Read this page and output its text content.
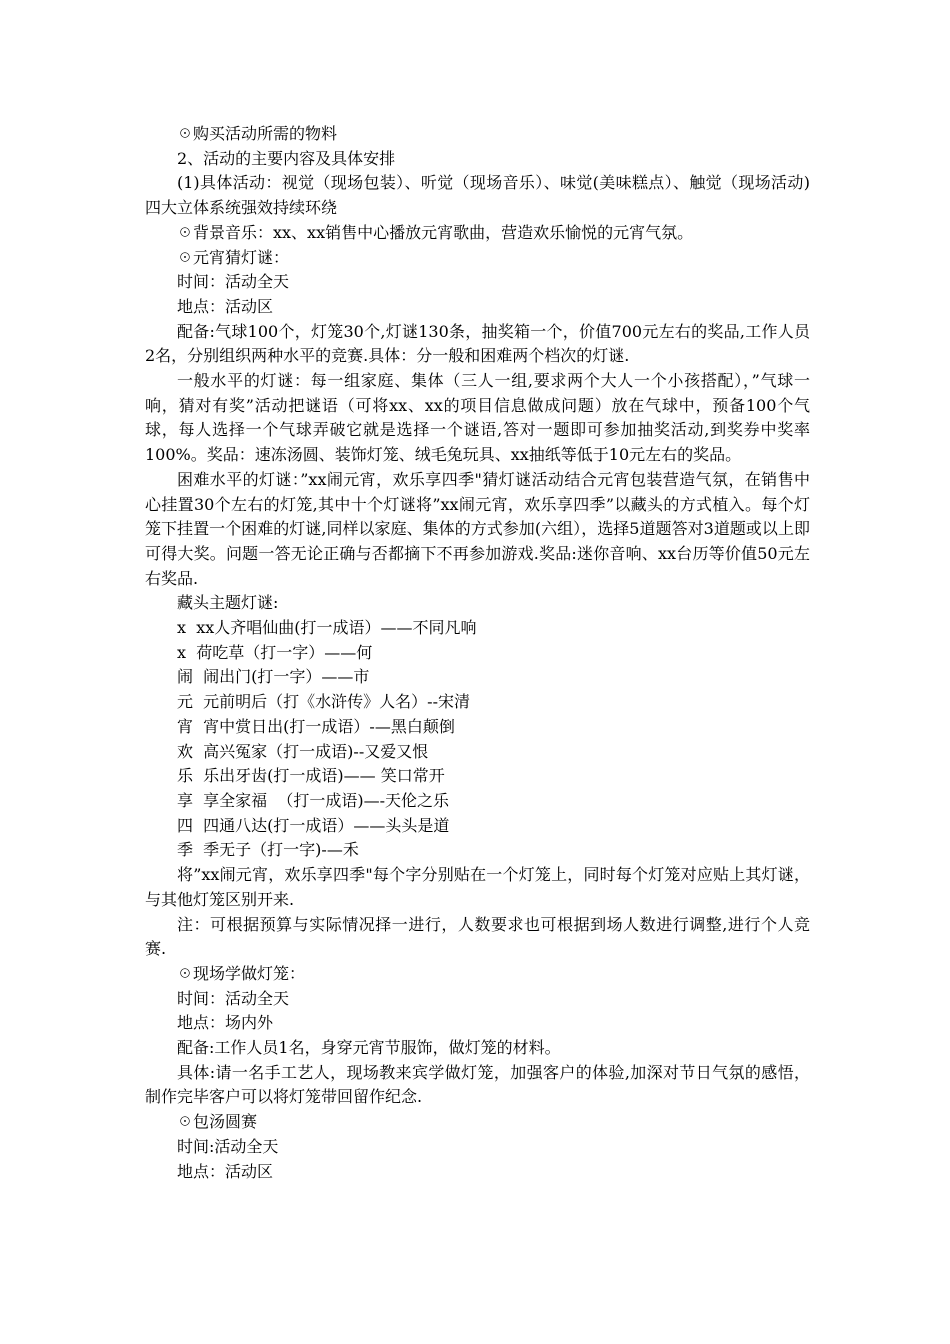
☉购买活动所需的物料

2、活动的主要内容及具体安排

(1)具体活动：视觉（现场包装）、听觉（现场音乐）、味觉(美味糕点）、触觉（现场活动)四大立体系统强效持续环绕

☉背景音乐：xx、xx销售中心播放元宵歌曲，营造欢乐愉悦的元宵气氛。

☉元宵猜灯谜：

时间：活动全天

地点：活动区

配备:气球100个，灯笼30个,灯谜130条，抽奖箱一个，价值700元左右的奖品,工作人员2名，分别组织两种水平的竞赛.具体：分一般和困难两个档次的灯谜.

一般水平的灯谜：每一组家庭、集体（三人一组,要求两个大人一个小孩搭配），”气球一响，猜对有奖”活动把谜语（可将xx、xx的项目信息做成问题）放在气球中，预备100个气球，每人选择一个气球弄破它就是选择一个谜语,答对一题即可参加抽奖活动,到奖券中奖率100%。奖品：速冻汤圆、装饰灯笼、绒毛兔玩具、xx抽纸等低于10元左右的奖品。

困难水平的灯谜：”xx闹元宵，欢乐享四季"猜灯谜活动结合元宵包装营造气氛，在销售中心挂置30个左右的灯笼,其中十个灯谜将”xx闹元宵，欢乐享四季”以藏头的方式植入。每个灯笼下挂置一个困难的灯谜,同样以家庭、集体的方式参加(六组），选择5道题答对3道题或以上即可得大奖。问题一答无论正确与否都摘下不再参加游戏.奖品:迷你音响、xx台历等价值50元左右奖品.

藏头主题灯谜:

x  xx人齐唱仙曲(打一成语）——不同凡响

x  荷吃草（打一字）——何

闹  闹出门(打一字）——市

元  元前明后（打《水浒传》人名）--宋清

宵  宵中赏日出(打一成语）-—黑白颠倒

欢  高兴冤家（打一成语)--又爱又恨

乐  乐出牙齿(打一成语)—— 笑口常开

享  享全家福  （打一成语)—-天伦之乐

四  四通八达(打一成语）——头头是道

季  季无子（打一字)-—禾

将”xx闹元宵，欢乐享四季"每个字分别贴在一个灯笼上，同时每个灯笼对应贴上其灯谜，与其他灯笼区别开来.

注：可根据预算与实际情况择一进行，人数要求也可根据到场人数进行调整,进行个人竞赛.

☉现场学做灯笼：

时间：活动全天

地点：场内外

配备:工作人员1名，身穿元宵节服饰，做灯笼的材料。

具体:请一名手工艺人，现场教来宾学做灯笼，加强客户的体验,加深对节日气氛的感悟，制作完毕客户可以将灯笼带回留作纪念.

☉包汤圆赛

时间:活动全天

地点：活动区
